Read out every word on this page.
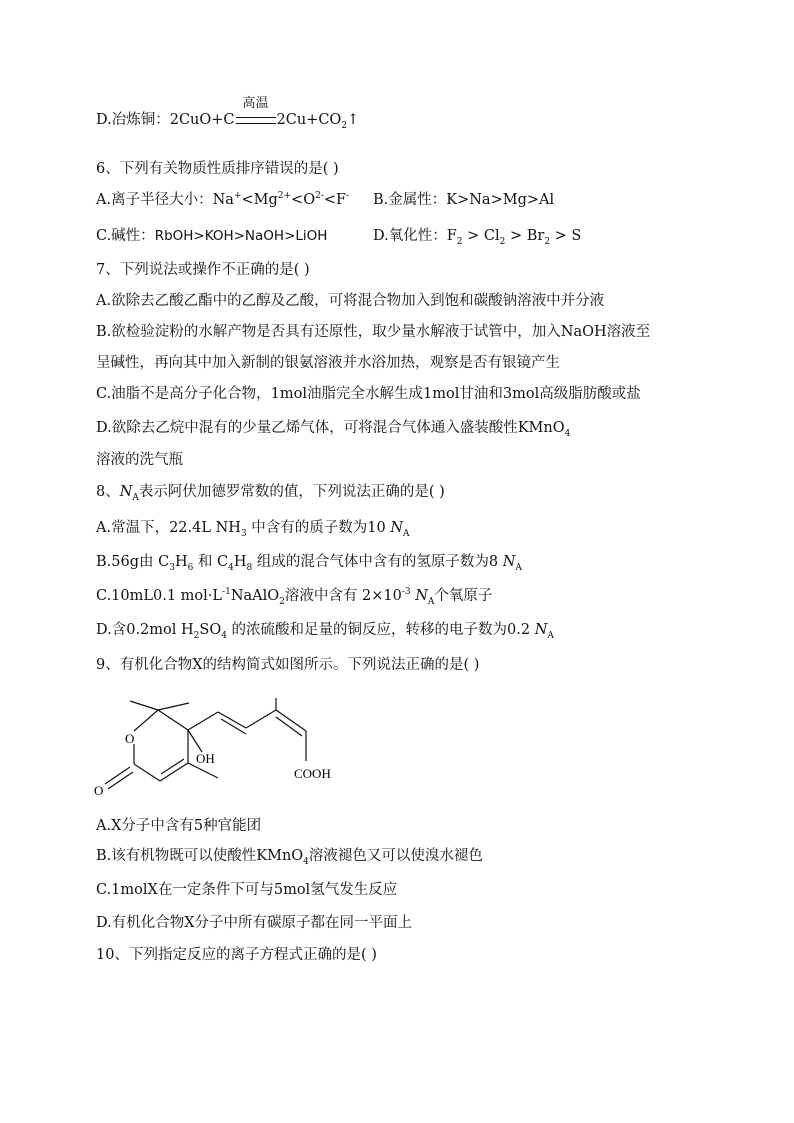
D.冶炼铜：2CuO+C
高温
$2Cu+CO_2↑$
6、下列有关物质性质排序错误的是( )
A.离子半径大小：$Na^+<Mg^{2+}<O^{2-}<F^-$ B.金属性：K>Na>Mg>Al
C.碱性：RbOH>KOH>NaOH>LiOH	D.氧化性：$F_2 > Cl_2 > Br_2 > S$
7、下列说法或操作不正确的是( )
A.欲除去乙酸乙酯中的乙醇及乙酸，可将混合物加入到饱和碳酸钠溶液中并分液
B.欲检验淀粉的水解产物是否具有还原性，取少量水解液于试管中，加入NaOH溶液至
呈碱性，再向其中加入新制的银氨溶液并水浴加热，观察是否有银镜产生
C.油脂不是高分子化合物，1mol油脂完全水解生成1mol甘油和3mol高级脂肪酸或盐
D.欲除去乙烷中混有的少量乙烯气体，可将混合气体通入盛装酸性KMnO$_4$
溶液的洗气瓶
8、$N_A$表示阿伏加德罗常数的值，下列说法正确的是( )
A.常温下，22.4L $NH_3$ 中含有的质子数为10 $N_A$
B.56g由 $C_3H_6$ 和 $C_4H_8$ 组成的混合气体中含有的氢原子数为8 $N_A$
C.10mL0.1 $mol\cdot L^{-1}NaAlO_2$溶液中含有 $2\times 10^{-3}$ $N_A$个氧原子
D.含0.2mol $H_2SO_4$ 的浓硫酸和足量的铜反应，转移的电子数为0.2 $N_A$
9、有机化合物X的结构简式如图所示。下列说法正确的是( )
O
O
OH
COOH
A.X分子中含有5种官能团
B.该有机物既可以使酸性KMnO$_4$溶液褪色又可以使溴水褪色
C.1molX在一定条件下可与5mol氢气发生反应
D.有机化合物X分子中所有碳原子都在同一平面上
10、下列指定反应的离子方程式正确的是( )
